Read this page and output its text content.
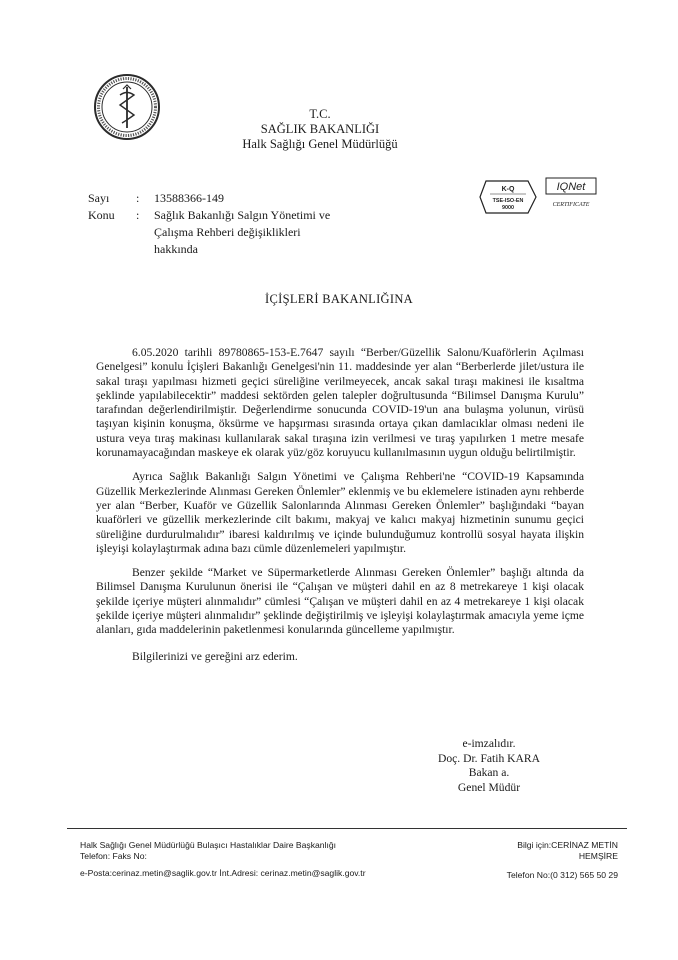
T.C.
SAĞLIK BAKANLIĞI
Halk Sağlığı Genel Müdürlüğü
Sayı	:	13588366-149
Konu	:	Sağlık Bakanlığı Salgın Yönetimi ve
Çalışma Rehberi değişiklikleri
hakkında
K-Q
TSE-ISO-EN
9000
IQNet
CERTIFICATE
İÇİŞLERİ BAKANLIĞINA

6.05.2020 tarihli 89780865-153-E.7647 sayılı “Berber/Güzellik Salonu/Kuaförlerin Açılması Genelgesi” konulu İçişleri Bakanlığı Genelgesi'nin 11. maddesinde yer alan “Berberlerde jilet/ustura ile sakal tıraşı yapılması hizmeti geçici süreliğine verilmeyecek, ancak sakal tıraşı makinesi ile kısaltma şeklinde yapılabilecektir” maddesi sektörden gelen talepler doğrultusunda “Bilimsel Danışma Kurulu” tarafından değerlendirilmiştir. Değerlendirme sonucunda COVID-19'un ana bulaşma yolunun, virüsü taşıyan kişinin konuşma, öksürme ve hapşırması sırasında ortaya çıkan damlacıklar olması nedeni ile ustura veya tıraş makinası kullanılarak sakal tıraşına izin verilmesi ve tıraş yapılırken 1 metre mesafe korunamayacağından maskeye ek olarak yüz/göz koruyucu kullanılmasının uygun olduğu belirtilmiştir.

Ayrıca Sağlık Bakanlığı Salgın Yönetimi ve Çalışma Rehberi'ne “COVID-19 Kapsamında Güzellik Merkezlerinde Alınması Gereken Önlemler” eklenmiş ve bu eklemelere istinaden aynı rehberde yer alan “Berber, Kuaför ve Güzellik Salonlarında Alınması Gereken Önlemler” başlığındaki “bayan kuaförleri ve güzellik merkezlerinde cilt bakımı, makyaj ve kalıcı makyaj hizmetinin sunumu geçici süreliğine durdurulmalıdır” ibaresi kaldırılmış ve içinde bulunduğumuz kontrollü sosyal hayata ilişkin işleyişi kolaylaştırmak adına bazı cümle düzenlemeleri yapılmıştır.

Benzer şekilde “Market ve Süpermarketlerde Alınması Gereken Önlemler” başlığı altında da Bilimsel Danışma Kurulunun önerisi ile “Çalışan ve müşteri dahil en az 8 metrekareye 1 kişi olacak şekilde içeriye müşteri alınmalıdır” cümlesi “Çalışan ve müşteri dahil en az 4 metrekareye 1 kişi olacak şekilde içeriye müşteri alınmalıdır” şeklinde değiştirilmiş ve işleyişi kolaylaştırmak amacıyla yeme içme alanları, gıda maddelerinin paketlenmesi konularında güncelleme yapılmıştır.

Bilgilerinizi ve gereğini arz ederim.

e-imzalıdır.
Doç. Dr. Fatih KARA
Bakan a.
Genel Müdür
Halk Sağlığı Genel Müdürlüğü Bulaşıcı Hastalıklar Daire Başkanlığı
Telefon: Faks No:
Bilgi için:CERİNAZ METİN
HEMŞİRE
e-Posta:cerinaz.metin@saglik.gov.tr İnt.Adresi: cerinaz.metin@saglik.gov.tr	Telefon No:(0 312) 565 50 29
